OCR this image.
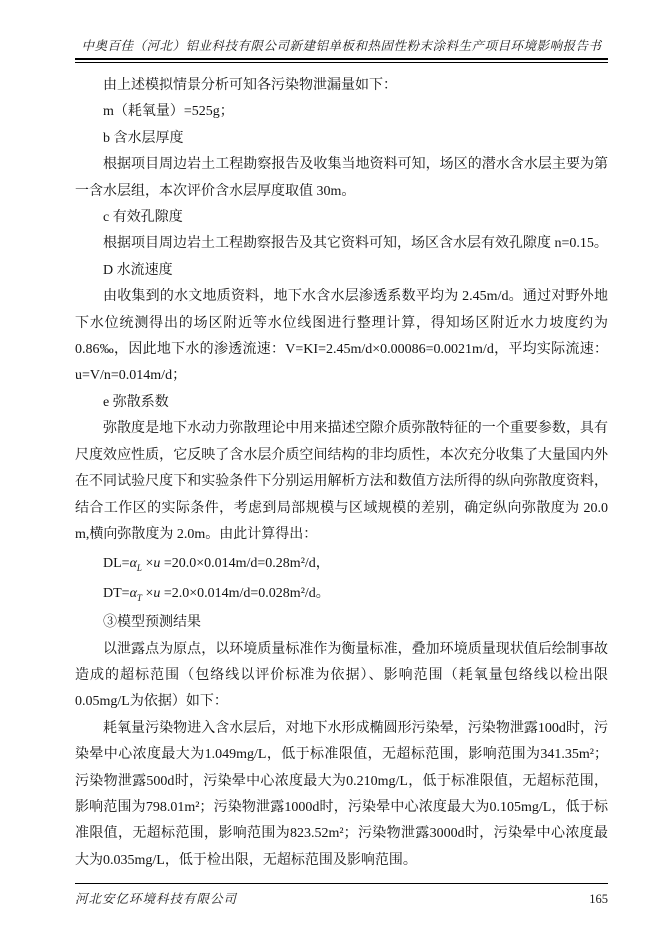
中奥百佳（河北）铝业科技有限公司新建铝单板和热固性粉末涂料生产项目环境影响报告书

由上述模拟情景分析可知各污染物泄漏量如下：

m（耗氧量）=525g；

b 含水层厚度

根据项目周边岩土工程勘察报告及收集当地资料可知，场区的潜水含水层主要为第一含水层组，本次评价含水层厚度取值 30m。

c 有效孔隙度

根据项目周边岩土工程勘察报告及其它资料可知，场区含水层有效孔隙度 n=0.15。

D 水流速度

由收集到的水文地质资料，地下水含水层渗透系数平均为 2.45m/d。通过对野外地下水位统测得出的场区附近等水位线图进行整理计算，得知场区附近水力坡度约为 0.86‰，因此地下水的渗透流速：V=KI=2.45m/d×0.00086=0.0021m/d，平均实际流速：u=V/n=0.014m/d；

e 弥散系数

弥散度是地下水动力弥散理论中用来描述空隙介质弥散特征的一个重要参数，具有尺度效应性质，它反映了含水层介质空间结构的非均质性，本次充分收集了大量国内外在不同试验尺度下和实验条件下分别运用解析方法和数值方法所得的纵向弥散度资料，结合工作区的实际条件，考虑到局部规模与区域规模的差别，确定纵向弥散度为 20.0 m,横向弥散度为 2.0m。由此计算得出：

$DL=\alpha_L \times u =20.0\times 0.014m/d=0.28m^2/d$，

$DT=\alpha_T \times u =2.0\times 0.014m/d=0.028m^2/d$。

③模型预测结果

以泄露点为原点，以环境质量标准作为衡量标准，叠加环境质量现状值后绘制事故造成的超标范围（包络线以评价标准为依据）、影响范围（耗氧量包络线以检出限0.05mg/L为依据）如下：

耗氧量污染物进入含水层后，对地下水形成椭圆形污染晕，污染物泄露100d时，污染晕中心浓度最大为1.049mg/L，低于标准限值，无超标范围，影响范围为341.35m²；污染物泄露500d时，污染晕中心浓度最大为0.210mg/L，低于标准限值，无超标范围，影响范围为798.01m²；污染物泄露1000d时，污染晕中心浓度最大为0.105mg/L，低于标准限值，无超标范围，影响范围为823.52m²；污染物泄露3000d时，污染晕中心浓度最大为0.035mg/L，低于检出限，无超标范围及影响范围。

河北安亿环境科技有限公司	165
